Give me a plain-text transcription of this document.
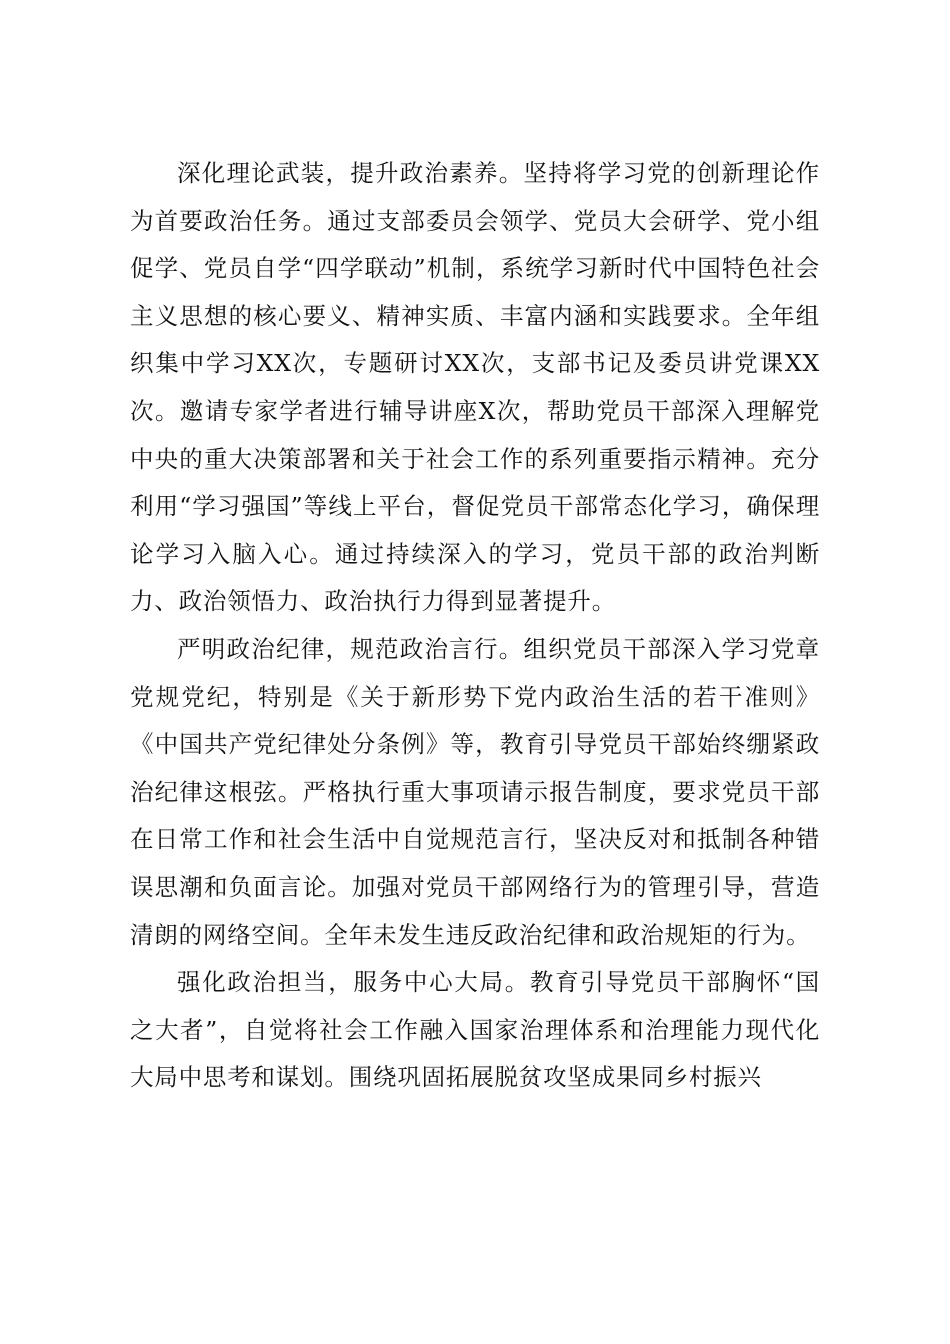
深化理论武装，提升政治素养。坚持将学习党的创新理论作为首要政治任务。通过支部委员会领学、党员大会研学、党小组促学、党员自学“四学联动”机制，系统学习新时代中国特色社会主义思想的核心要义、精神实质、丰富内涵和实践要求。全年组织集中学习XX次，专题研讨XX次，支部书记及委员讲党课XX次。邀请专家学者进行辅导讲座X次，帮助党员干部深入理解党中央的重大决策部署和关于社会工作的系列重要指示精神。充分利用“学习强国”等线上平台，督促党员干部常态化学习，确保理论学习入脑入心。通过持续深入的学习，党员干部的政治判断力、政治领悟力、政治执行力得到显著提升。

严明政治纪律，规范政治言行。组织党员干部深入学习党章党规党纪，特别是《关于新形势下党内政治生活的若干准则》《中国共产党纪律处分条例》等，教育引导党员干部始终绷紧政治纪律这根弦。严格执行重大事项请示报告制度，要求党员干部在日常工作和社会生活中自觉规范言行，坚决反对和抵制各种错误思潮和负面言论。加强对党员干部网络行为的管理引导，营造清朗的网络空间。全年未发生违反政治纪律和政治规矩的行为。

强化政治担当，服务中心大局。教育引导党员干部胸怀“国之大者”，自觉将社会工作融入国家治理体系和治理能力现代化大局中思考和谋划。围绕巩固拓展脱贫攻坚成果同乡村振兴
